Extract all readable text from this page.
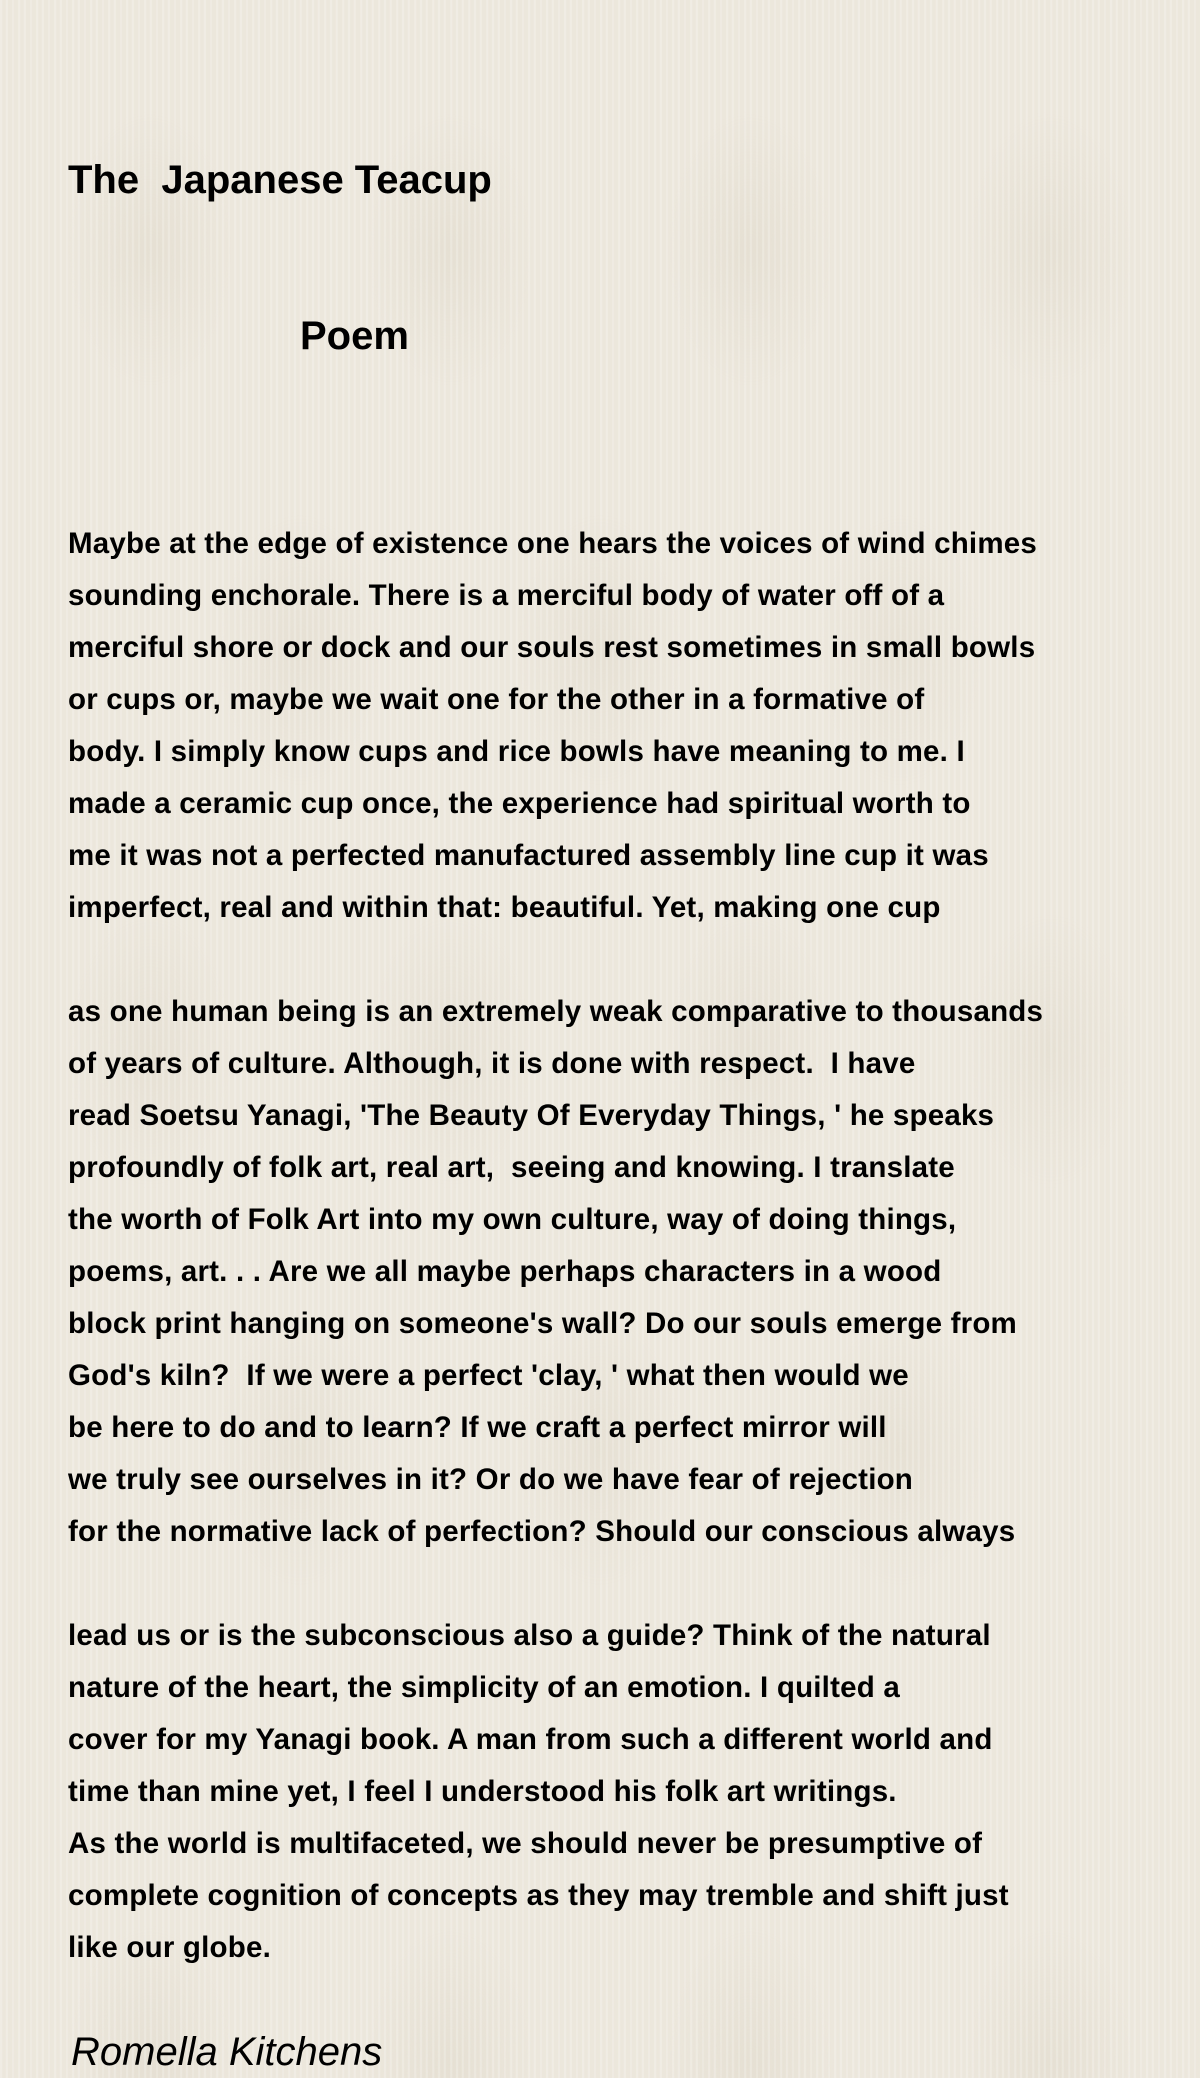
The  Japanese Teacup

Poem

Maybe at the edge of existence one hears the voices of wind chimes
sounding enchorale. There is a merciful body of water off of a
merciful shore or dock and our souls rest sometimes in small bowls
or cups or, maybe we wait one for the other in a formative of
body. I simply know cups and rice bowls have meaning to me. I
made a ceramic cup once, the experience had spiritual worth to
me it was not a perfected manufactured assembly line cup it was
imperfect, real and within that: beautiful. Yet, making one cup
as one human being is an extremely weak comparative to thousands
of years of culture. Although, it is done with respect.  I have
read Soetsu Yanagi, 'The Beauty Of Everyday Things, ' he speaks
profoundly of folk art, real art,  seeing and knowing. I translate
the worth of Folk Art into my own culture, way of doing things,
poems, art. . . Are we all maybe perhaps characters in a wood
block print hanging on someone's wall? Do our souls emerge from
God's kiln?  If we were a perfect 'clay, ' what then would we
be here to do and to learn? If we craft a perfect mirror will
we truly see ourselves in it? Or do we have fear of rejection
for the normative lack of perfection? Should our conscious always
lead us or is the subconscious also a guide? Think of the natural
nature of the heart, the simplicity of an emotion. I quilted a
cover for my Yanagi book. A man from such a different world and
time than mine yet, I feel I understood his folk art writings.
As the world is multifaceted, we should never be presumptive of
complete cognition of concepts as they may tremble and shift just
like our globe.
Romella Kitchens
